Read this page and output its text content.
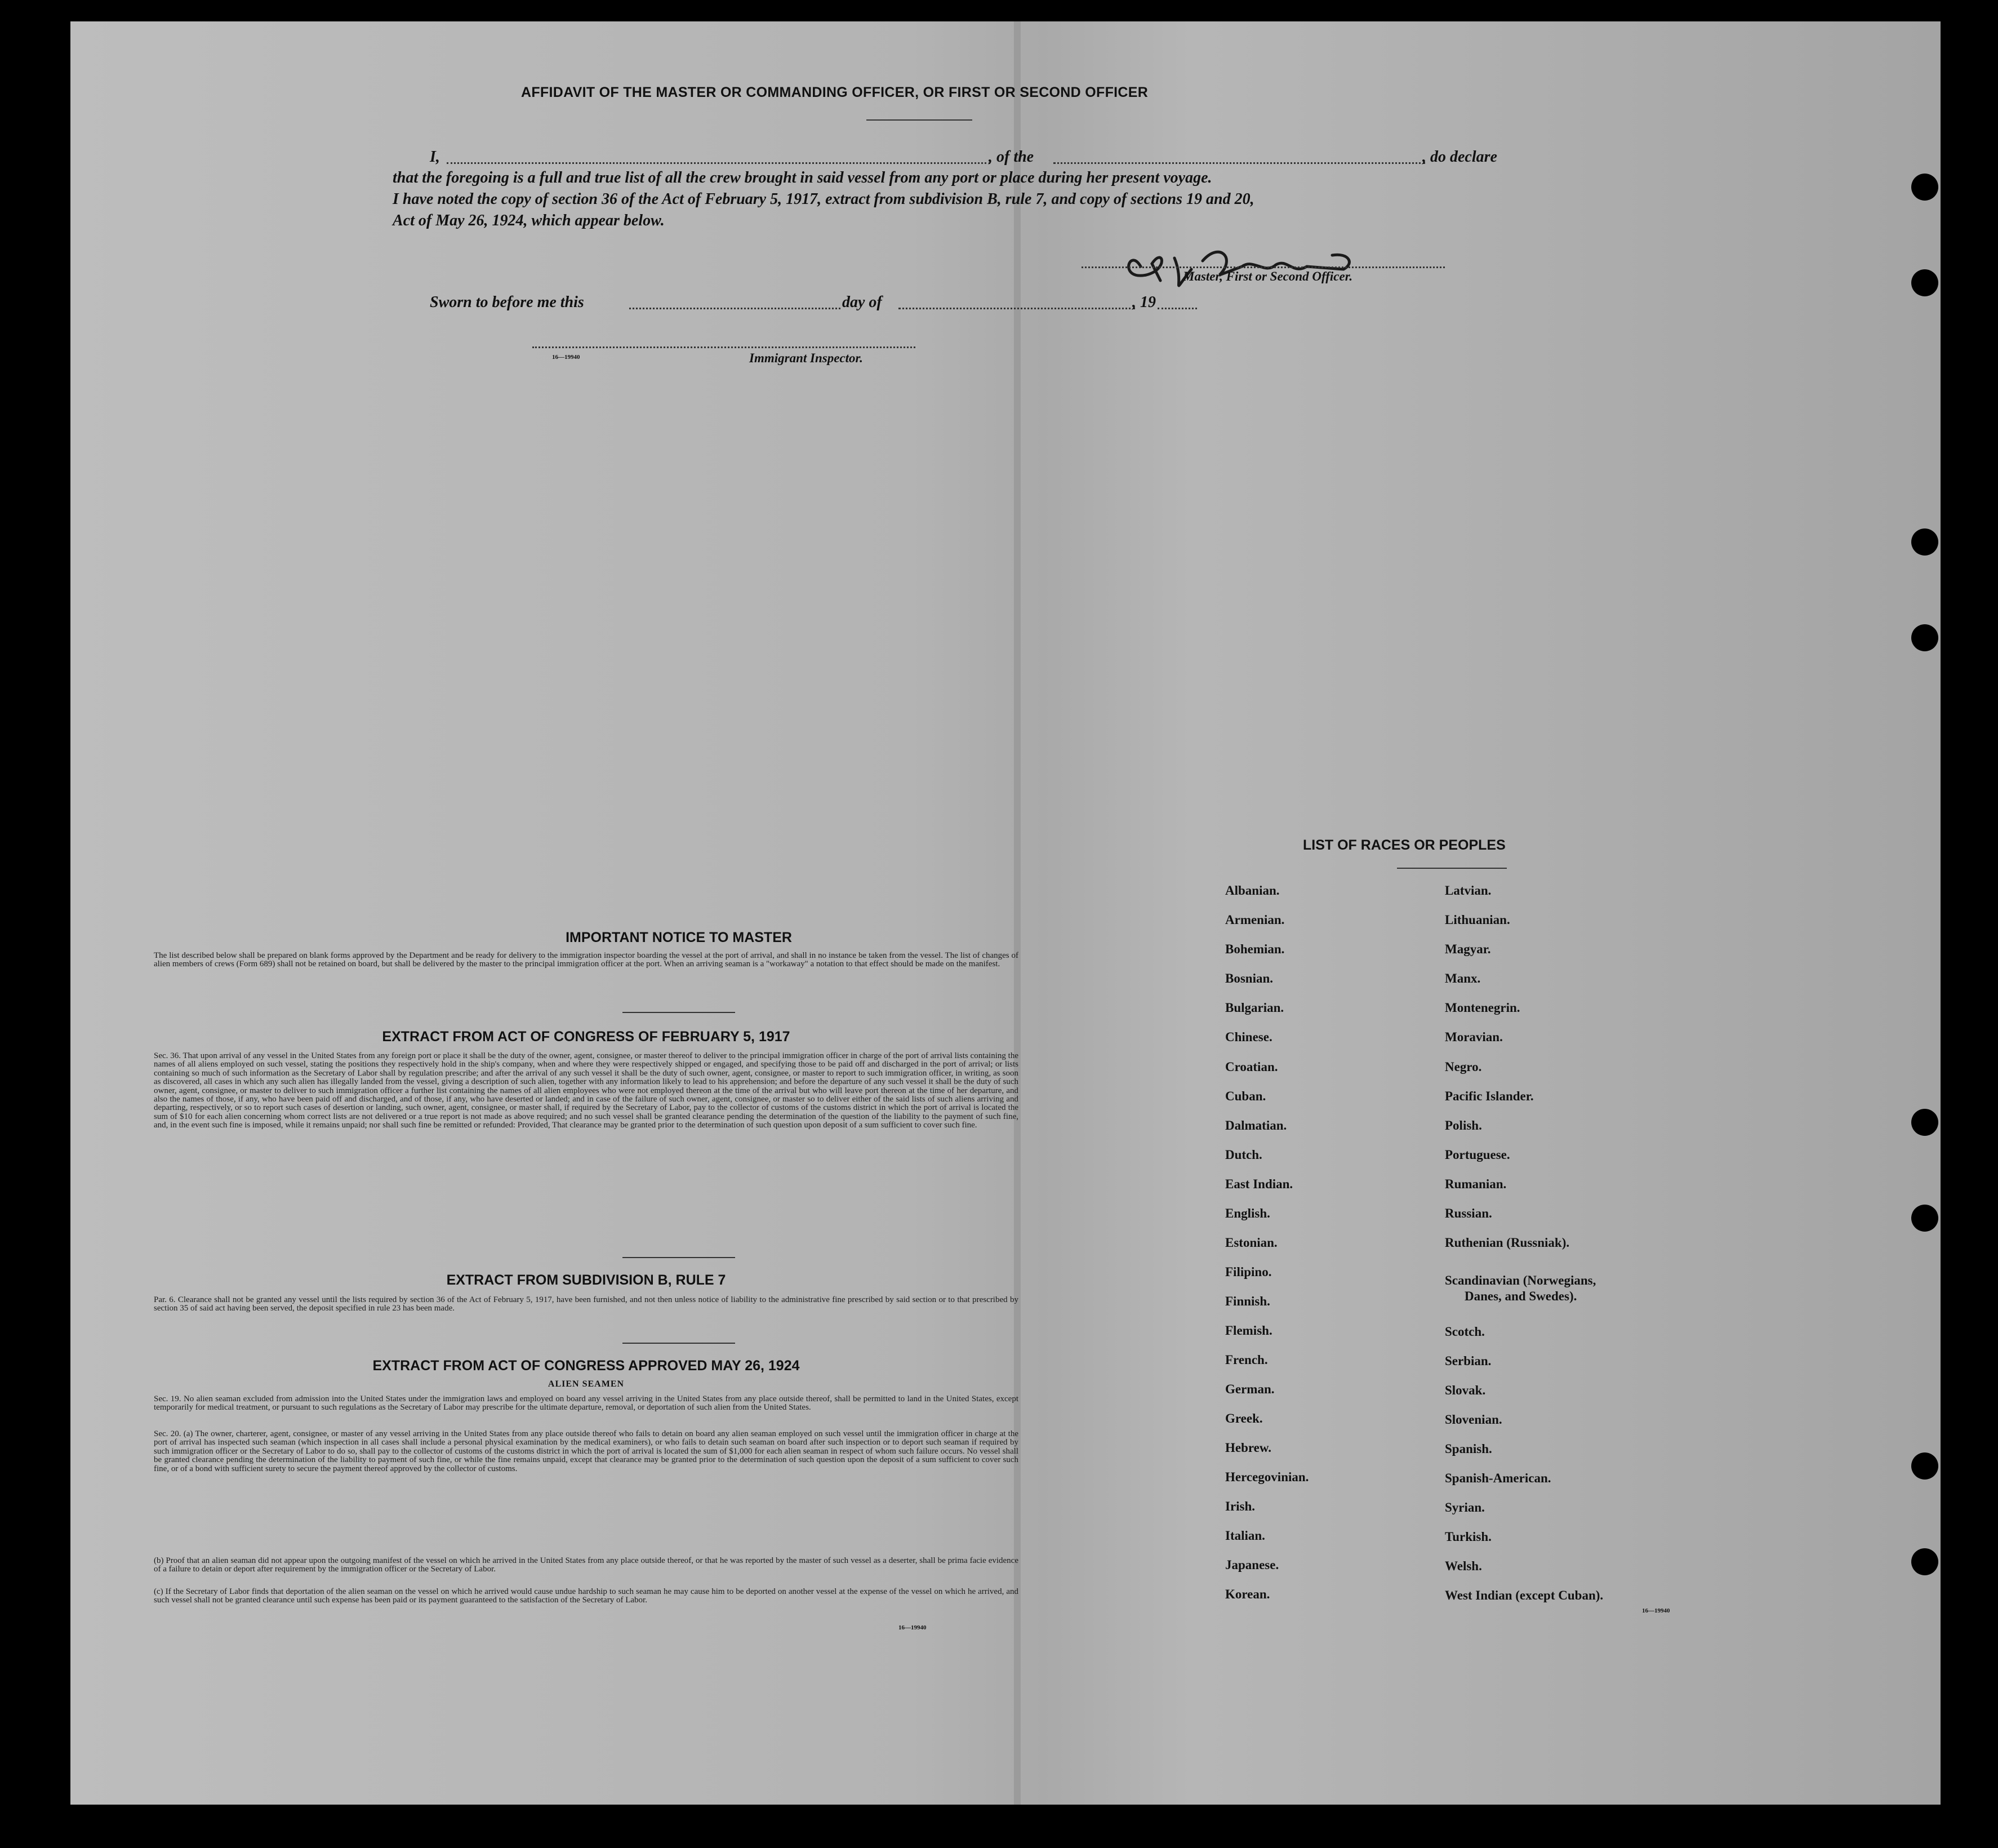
AFFIDAVIT OF THE MASTER OR COMMANDING OFFICER, OR FIRST OR SECOND OFFICER
I,	, of the	, do declare
that the foregoing is a full and true list of all the crew brought in said vessel from any port or place during her present voyage.
I have noted the copy of section 36 of the Act of February 5, 1917, extract from subdivision B, rule 7, and copy of sections 19 and 20,
Act of May 26, 1924, which appear below.
Master, First or Second Officer.
Sworn to before me this	day of	, 19
16—19940	Immigrant Inspector.
IMPORTANT NOTICE TO MASTER
The list described below shall be prepared on blank forms approved by the Department and be ready for delivery to the immigration inspector boarding the vessel at the port of arrival, and shall in no instance be taken from the vessel. The list of changes of alien members of crews (Form 689) shall not be retained on board, but shall be delivered by the master to the principal immigration officer at the port. When an arriving seaman is a "workaway" a notation to that effect should be made on the manifest.
EXTRACT FROM ACT OF CONGRESS OF FEBRUARY 5, 1917
Sec. 36. That upon arrival of any vessel in the United States from any foreign port or place it shall be the duty of the owner, agent, consignee, or master thereof to deliver to the principal immigration officer in charge of the port of arrival lists containing the names of all aliens employed on such vessel, stating the positions they respectively hold in the ship's company, when and where they were respectively shipped or engaged, and specifying those to be paid off and discharged in the port of arrival; or lists containing so much of such information as the Secretary of Labor shall by regulation prescribe; and after the arrival of any such vessel it shall be the duty of such owner, agent, consignee, or master to report to such immigration officer, in writing, as soon as discovered, all cases in which any such alien has illegally landed from the vessel, giving a description of such alien, together with any information likely to lead to his apprehension; and before the departure of any such vessel it shall be the duty of such owner, agent, consignee, or master to deliver to such immigration officer a further list containing the names of all alien employees who were not employed thereon at the time of the arrival but who will leave port thereon at the time of her departure, and also the names of those, if any, who have been paid off and discharged, and of those, if any, who have deserted or landed; and in case of the failure of such owner, agent, consignee, or master so to deliver either of the said lists of such aliens arriving and departing, respectively, or so to report such cases of desertion or landing, such owner, agent, consignee, or master shall, if required by the Secretary of Labor, pay to the collector of customs of the customs district in which the port of arrival is located the sum of $10 for each alien concerning whom correct lists are not delivered or a true report is not made as above required; and no such vessel shall be granted clearance pending the determination of the question of the liability to the payment of such fine, and, in the event such fine is imposed, while it remains unpaid; nor shall such fine be remitted or refunded: Provided, That clearance may be granted prior to the determination of such question upon deposit of a sum sufficient to cover such fine.
EXTRACT FROM SUBDIVISION B, RULE 7
Par. 6. Clearance shall not be granted any vessel until the lists required by section 36 of the Act of February 5, 1917, have been furnished, and not then unless notice of liability to the administrative fine prescribed by said section or to that prescribed by section 35 of said act having been served, the deposit specified in rule 23 has been made.
EXTRACT FROM ACT OF CONGRESS APPROVED MAY 26, 1924
ALIEN SEAMEN
Sec. 19. No alien seaman excluded from admission into the United States under the immigration laws and employed on board any vessel arriving in the United States from any place outside thereof, shall be permitted to land in the United States, except temporarily for medical treatment, or pursuant to such regulations as the Secretary of Labor may prescribe for the ultimate departure, removal, or deportation of such alien from the United States.
Sec. 20. (a) The owner, charterer, agent, consignee, or master of any vessel arriving in the United States from any place outside thereof who fails to detain on board any alien seaman employed on such vessel until the immigration officer in charge at the port of arrival has inspected such seaman (which inspection in all cases shall include a personal physical examination by the medical examiners), or who fails to detain such seaman on board after such inspection or to deport such seaman if required by such immigration officer or the Secretary of Labor to do so, shall pay to the collector of customs of the customs district in which the port of arrival is located the sum of $1,000 for each alien seaman in respect of whom such failure occurs. No vessel shall be granted clearance pending the determination of the liability to payment of such fine, or while the fine remains unpaid, except that clearance may be granted prior to the determination of such question upon the deposit of a sum sufficient to cover such fine, or of a bond with sufficient surety to secure the payment thereof approved by the collector of customs.
(b) Proof that an alien seaman did not appear upon the outgoing manifest of the vessel on which he arrived in the United States from any place outside thereof, or that he was reported by the master of such vessel as a deserter, shall be prima facie evidence of a failure to detain or deport after requirement by the immigration officer or the Secretary of Labor.
(c) If the Secretary of Labor finds that deportation of the alien seaman on the vessel on which he arrived would cause undue hardship to such seaman he may cause him to be deported on another vessel at the expense of the vessel on which he arrived, and such vessel shall not be granted clearance until such expense has been paid or its payment guaranteed to the satisfaction of the Secretary of Labor.
16—19940
LIST OF RACES OR PEOPLES
Albanian.
Armenian.
Bohemian.
Bosnian.
Bulgarian.
Chinese.
Croatian.
Cuban.
Dalmatian.
Dutch.
East Indian.
English.
Estonian.
Filipino.
Finnish.
Flemish.
French.
German.
Greek.
Hebrew.
Hercegovinian.
Irish.
Italian.
Japanese.
Korean.
Latvian.
Lithuanian.
Magyar.
Manx.
Montenegrin.
Moravian.
Negro.
Pacific Islander.
Polish.
Portuguese.
Rumanian.
Russian.
Ruthenian (Russniak).
Scandinavian (Norwegians,
Danes, and Swedes).
Scotch.
Serbian.
Slovak.
Slovenian.
Spanish.
Spanish-American.
Syrian.
Turkish.
Welsh.
West Indian (except Cuban).
16—19940
